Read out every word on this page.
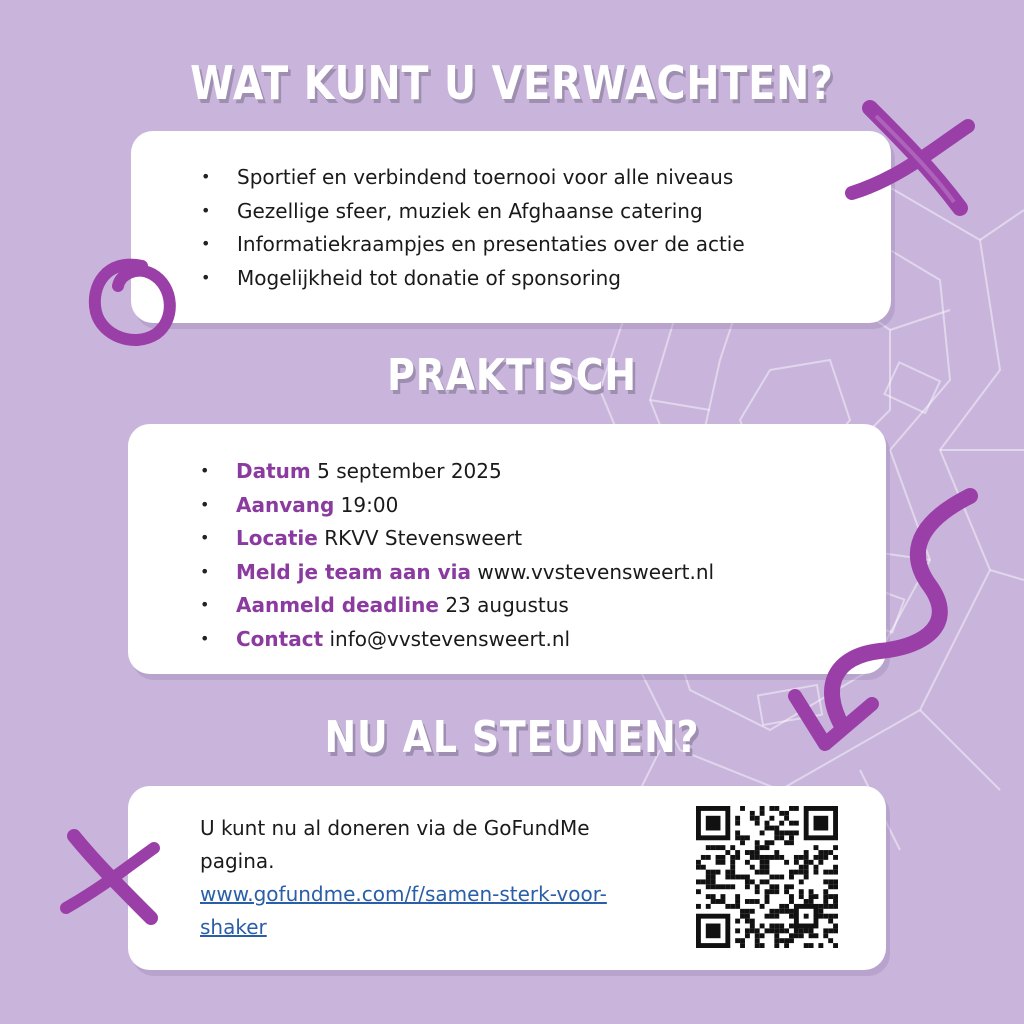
WAT KUNT U VERWACHTEN?
• Sportief en verbindend toernooi voor alle niveaus
• Gezellige sfeer, muziek en Afghaanse catering
• Informatiekraampjes en presentaties over de actie
• Mogelijkheid tot donatie of sponsoring
PRAKTISCH
• Datum 5 september 2025
• Aanvang 19:00
• Locatie RKVV Stevensweert
• Meld je team aan via www.vvstevensweert.nl
• Aanmeld deadline 23 augustus
• Contact info@vvstevensweert.nl
NU AL STEUNEN?
U kunt nu al doneren via de GoFundMe pagina.
www.gofundme.com/f/samen-sterk-voor-shaker
